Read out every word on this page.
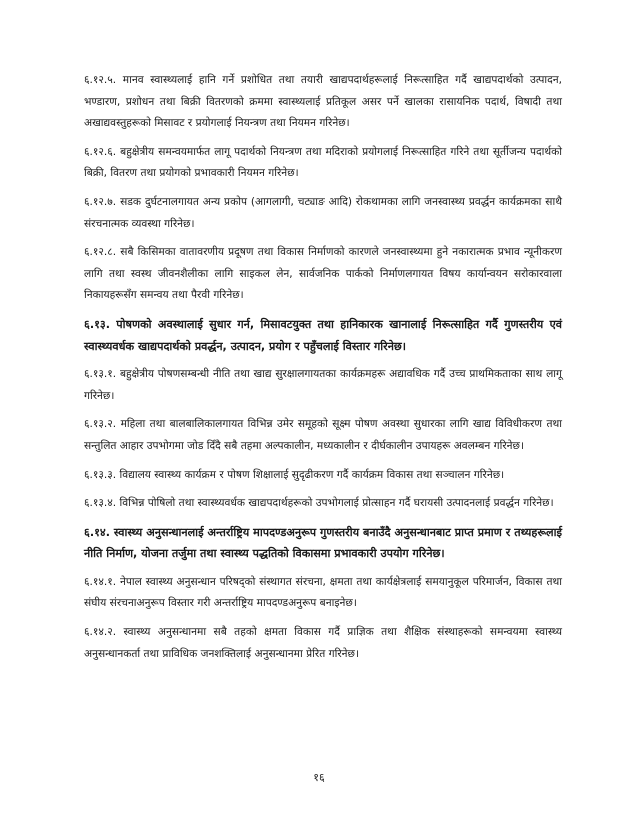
६.१२.५. मानव स्वास्थ्यलाई हानि गर्ने प्रशोधित तथा तयारी खाद्यपदार्थहरूलाई निरूत्साहित गर्दै खाद्यपदार्थको उत्पादन, भण्डारण, प्रशोधन तथा बिक्री वितरणको क्रममा स्वास्थ्यलाई प्रतिकूल असर पर्ने खालका रासायनिक पदार्थ, विषादी तथा अखाद्यवस्तुहरूको मिसावट र प्रयोगलाई नियन्त्रण तथा नियमन गरिनेछ।

६.१२.६. बहुक्षेत्रीय समन्वयमार्फत लागू पदार्थको नियन्त्रण तथा मदिराको प्रयोगलाई निरूत्साहित गरिने तथा सूर्तीजन्य पदार्थको बिक्री, वितरण तथा प्रयोगको प्रभावकारी नियमन गरिनेछ।

६.१२.७. सडक दुर्घटनालगायत अन्य प्रकोप (आगलागी, चट्याङ आदि) रोकथामका लागि जनस्वास्थ्य प्रवर्द्धन कार्यक्रमका साथै संरचनात्मक व्यवस्था गरिनेछ।

६.१२.८. सबै किसिमका वातावरणीय प्रदूषण तथा विकास निर्माणको कारणले जनस्वास्थ्यमा हुने नकारात्मक प्रभाव न्यूनीकरण लागि तथा स्वस्थ जीवनशैलीका लागि साइकल लेन, सार्वजनिक पार्कको निर्माणलगायत विषय कार्यान्वयन सरोकारवाला निकायहरूसँग समन्वय तथा पैरवी गरिनेछ।

६.१३. पोषणको अवस्थालाई सुधार गर्न, मिसावटयुक्त तथा हानिकारक खानालाई निरूत्साहित गर्दै गुणस्तरीय एवं स्वास्थ्यवर्धक खाद्यपदार्थको प्रवर्द्धन, उत्पादन, प्रयोग र पहुँचलाई विस्तार गरिनेछ।

६.१३.१. बहुक्षेत्रीय पोषणसम्बन्धी नीति तथा खाद्य सुरक्षालगायतका कार्यक्रमहरू अद्यावधिक गर्दै उच्च प्राथमिकताका साथ लागू गरिनेछ।

६.१३.२. महिला तथा बालबालिकालगायत विभिन्न उमेर समूहको सूक्ष्म पोषण अवस्था सुधारका लागि खाद्य विविधीकरण तथा सन्तुलित आहार उपभोगमा जोड दिँदै सबै तहमा अल्पकालीन, मध्यकालीन र दीर्घकालीन उपायहरू अवलम्बन गरिनेछ।

६.१३.३. विद्यालय स्वास्थ्य कार्यक्रम र पोषण शिक्षालाई सुदृढीकरण गर्दै कार्यक्रम विकास तथा सञ्चालन गरिनेछ।

६.१३.४. विभिन्न पोषिलो तथा स्वास्थ्यवर्धक खाद्यपदार्थहरूको उपभोगलाई प्रोत्साहन गर्दै घरायसी उत्पादनलाई प्रवर्द्धन गरिनेछ।

६.१४. स्वास्थ्य अनुसन्धानलाई अन्तर्राष्ट्रिय मापदण्डअनुरूप गुणस्तरीय बनाउँदै अनुसन्धानबाट प्राप्त प्रमाण र तथ्यहरूलाई नीति निर्माण, योजना तर्जुमा तथा स्वास्थ्य पद्धतिको विकासमा प्रभावकारी उपयोग गरिनेछ।

६.१४.१. नेपाल स्वास्थ्य अनुसन्धान परिषद्को संस्थागत संरचना, क्षमता तथा कार्यक्षेत्रलाई समयानुकूल परिमार्जन, विकास तथा संघीय संरचनाअनुरूप विस्तार गरी अन्तर्राष्ट्रिय मापदण्डअनुरूप बनाइनेछ।

६.१४.२. स्वास्थ्य अनुसन्धानमा सबै तहको क्षमता विकास गर्दै प्राज्ञिक तथा शैक्षिक संस्थाहरूको समन्वयमा स्वास्थ्य अनुसन्धानकर्ता तथा प्राविधिक जनशक्तिलाई अनुसन्धानमा प्रेरित गरिनेछ।

१६
